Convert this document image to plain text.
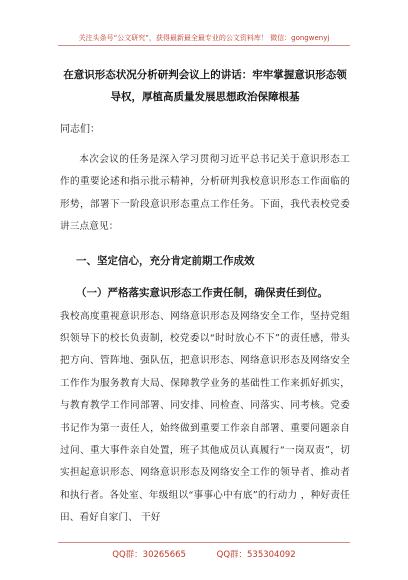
关注头条号“公文研究”，获得最新最全最专业的公文资料库！ 微信：gongwenyj
在意识形态状况分析研判会议上的讲话：牢牢掌握意识形态领导权，厚植高质量发展思想政治保障根基
同志们：

本次会议的任务是深入学习贯彻习近平总书记关于意识形态工作的重要论述和指示批示精神，分析研判我校意识形态工作面临的形势，部署下一阶段意识形态重点工作任务。下面，我代表校党委讲三点意见：

一、坚定信心，充分肯定前期工作成效
（一）严格落实意识形态工作责任制，确保责任到位。

我校高度重视意识形态、网络意识形态及网络安全工作，坚持党组织领导下的校长负责制，校党委以“时时放心不下”的责任感，带头把方向、管阵地、强队伍，把意识形态、网络意识形态及网络安全工作作为服务教育大局、保障教学业务的基础性工作来抓好抓实，与教育教学工作同部署、同安排、同检查、同落实、同考核。党委书记作为第一责任人，始终做到重要工作亲自部署、重要问题亲自过问、重大事件亲自处置，班子其他成员认真履行“一岗双责”，切实担起意识形态、网络意识形态及网络安全工作的领导者、推动者和执行者。各处室、年级组以“事事心中有底”的行动力 ，种好责任田、看好自家门、 干好

QQ群：30265665	QQ群：535304092
